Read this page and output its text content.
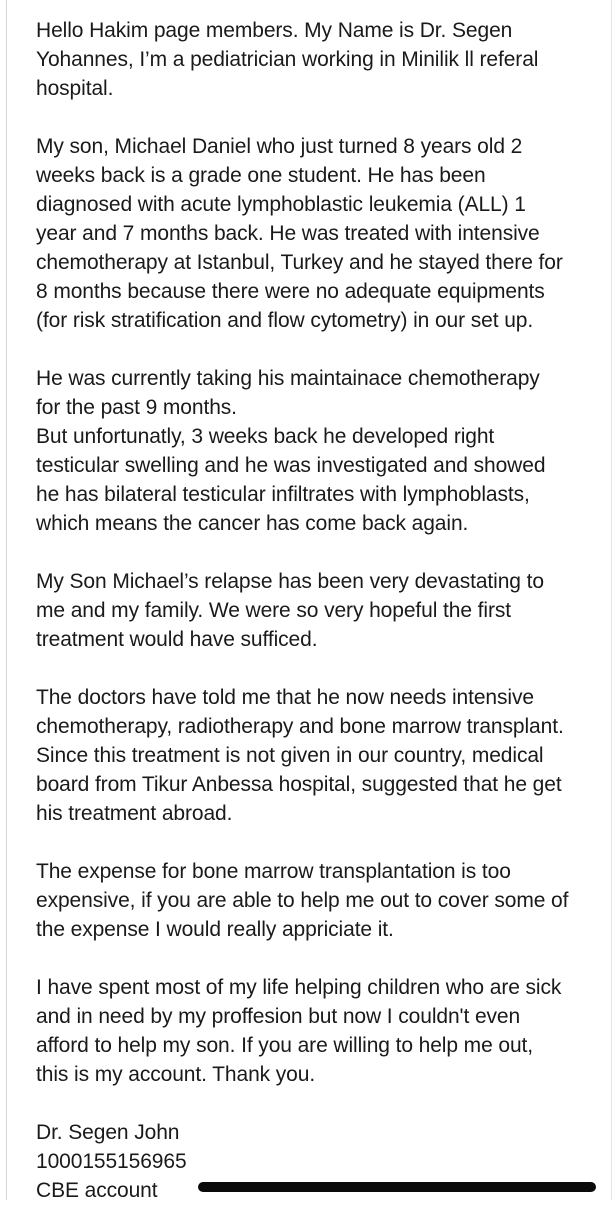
Hello Hakim page members. My Name is Dr. Segen
Yohannes, I’m a pediatrician working in Minilik ll referal
hospital.

My son, Michael Daniel who just turned 8 years old 2
weeks back is a grade one student. He has been
diagnosed with acute lymphoblastic leukemia (ALL) 1
year and 7 months back. He was treated with intensive
chemotherapy at Istanbul, Turkey and he stayed there for
8 months because there were no adequate equipments
(for risk stratification and flow cytometry) in our set up.

He was currently taking his maintainace chemotherapy
for the past 9 months.
But unfortunatly, 3 weeks back he developed right
testicular swelling and he was investigated and showed
he has bilateral testicular infiltrates with lymphoblasts,
which means the cancer has come back again.

My Son Michael’s relapse has been very devastating to
me and my family. We were so very hopeful the first
treatment would have sufficed.

The doctors have told me that he now needs intensive
chemotherapy, radiotherapy and bone marrow transplant.
Since this treatment is not given in our country, medical
board from Tikur Anbessa hospital, suggested that he get
his treatment abroad.

The expense for bone marrow transplantation is too
expensive, if you are able to help me out to cover some of
the expense I would really appriciate it.

I have spent most of my life helping children who are sick
and in need by my proffesion but now I couldn't even
afford to help my son. If you are willing to help me out,
this is my account. Thank you.

Dr. Segen John
1000155156965
CBE account
